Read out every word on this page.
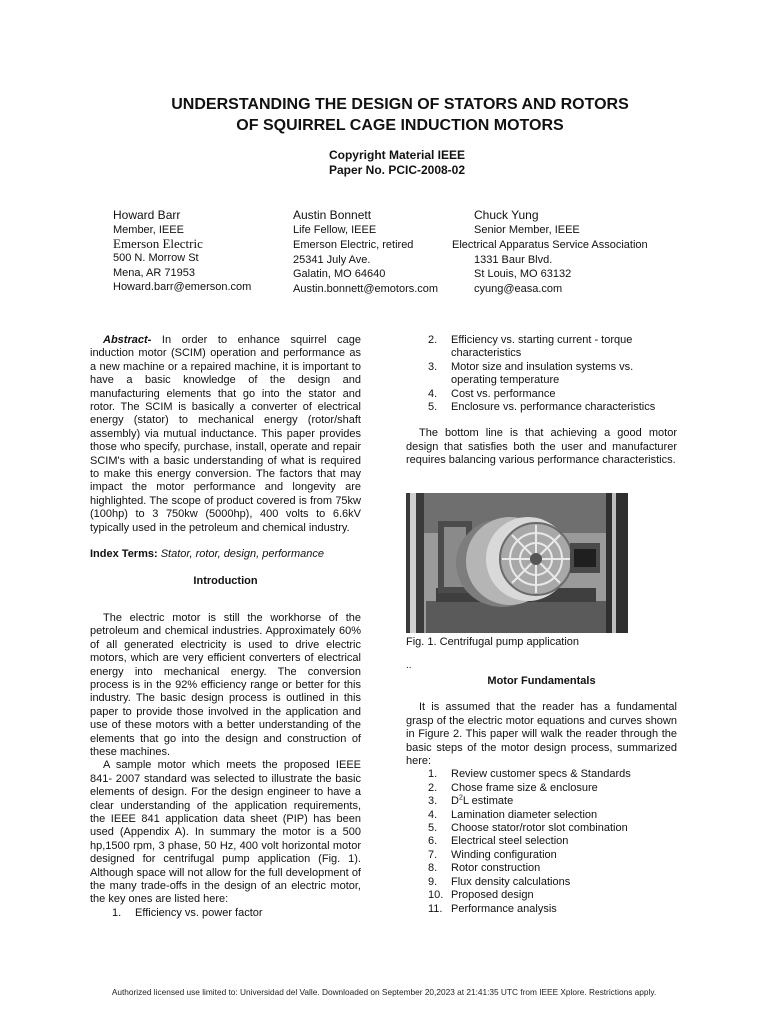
UNDERSTANDING THE DESIGN OF STATORS AND ROTORS
OF SQUIRREL CAGE INDUCTION MOTORS
Copyright Material IEEE
Paper No. PCIC-2008-02
Howard Barr
Member, IEEE
Emerson Electric
500 N. Morrow St
Mena, AR 71953
Howard.barr@emerson.com
Austin Bonnett
Life Fellow, IEEE
Emerson Electric, retired
25341 July Ave.
Galatin, MO 64640
Austin.bonnett@emotors.com
Chuck Yung
Senior Member, IEEE
Electrical Apparatus Service Association
1331 Baur Blvd.
St Louis, MO 63132
cyung@easa.com

Abstract- In order to enhance squirrel cage induction motor (SCIM) operation and performance as a new machine or a repaired machine, it is important to have a basic knowledge of the design and manufacturing elements that go into the stator and rotor. The SCIM is basically a converter of electrical energy (stator) to mechanical energy (rotor/shaft assembly) via mutual inductance. This paper provides those who specify, purchase, install, operate and repair SCIM's with a basic understanding of what is required to make this energy conversion. The factors that may impact the motor performance and longevity are highlighted. The scope of product covered is from 75kw (100hp) to 3 750kw (5000hp), 400 volts to 6.6kV typically used in the petroleum and chemical industry.

Index Terms: Stator, rotor, design, performance

Introduction

The electric motor is still the workhorse of the petroleum and chemical industries. Approximately 60% of all generated electricity is used to drive electric motors, which are very efficient converters of electrical energy into mechanical energy. The conversion process is in the 92% efficiency range or better for this industry. The basic design process is outlined in this paper to provide those involved in the application and use of these motors with a better understanding of the elements that go into the design and construction of these machines.

A sample motor which meets the proposed IEEE 841- 2007 standard was selected to illustrate the basic elements of design. For the design engineer to have a clear understanding of the application requirements, the IEEE 841 application data sheet (PIP) has been used (Appendix A). In summary the motor is a 500 hp,1500 rpm, 3 phase, 50 Hz, 400 volt horizontal motor designed for centrifugal pump application (Fig. 1). Although space will not allow for the full development of the many trade-offs in the design of an electric motor, the key ones are listed here:

1. Efficiency vs. power factor
2. Efficiency vs. starting current - torque characteristics
3. Motor size and insulation systems vs. operating temperature
4. Cost vs. performance
5. Enclosure vs. performance characteristics

The bottom line is that achieving a good motor design that satisfies both the user and manufacturer requires balancing various performance characteristics.

Fig. 1. Centrifugal pump application
..

Motor Fundamentals

It is assumed that the reader has a fundamental grasp of the electric motor equations and curves shown in Figure 2. This paper will walk the reader through the basic steps of the motor design process, summarized here:

1. Review customer specs & Standards
2. Chose frame size & enclosure
3. $D^2L$ estimate
4. Lamination diameter selection
5. Choose stator/rotor slot combination
6. Electrical steel selection
7. Winding configuration
8. Rotor construction
9. Flux density calculations
10. Proposed design
11. Performance analysis
Authorized licensed use limited to: Universidad del Valle. Downloaded on September 20,2023 at 21:41:35 UTC from IEEE Xplore. Restrictions apply.
